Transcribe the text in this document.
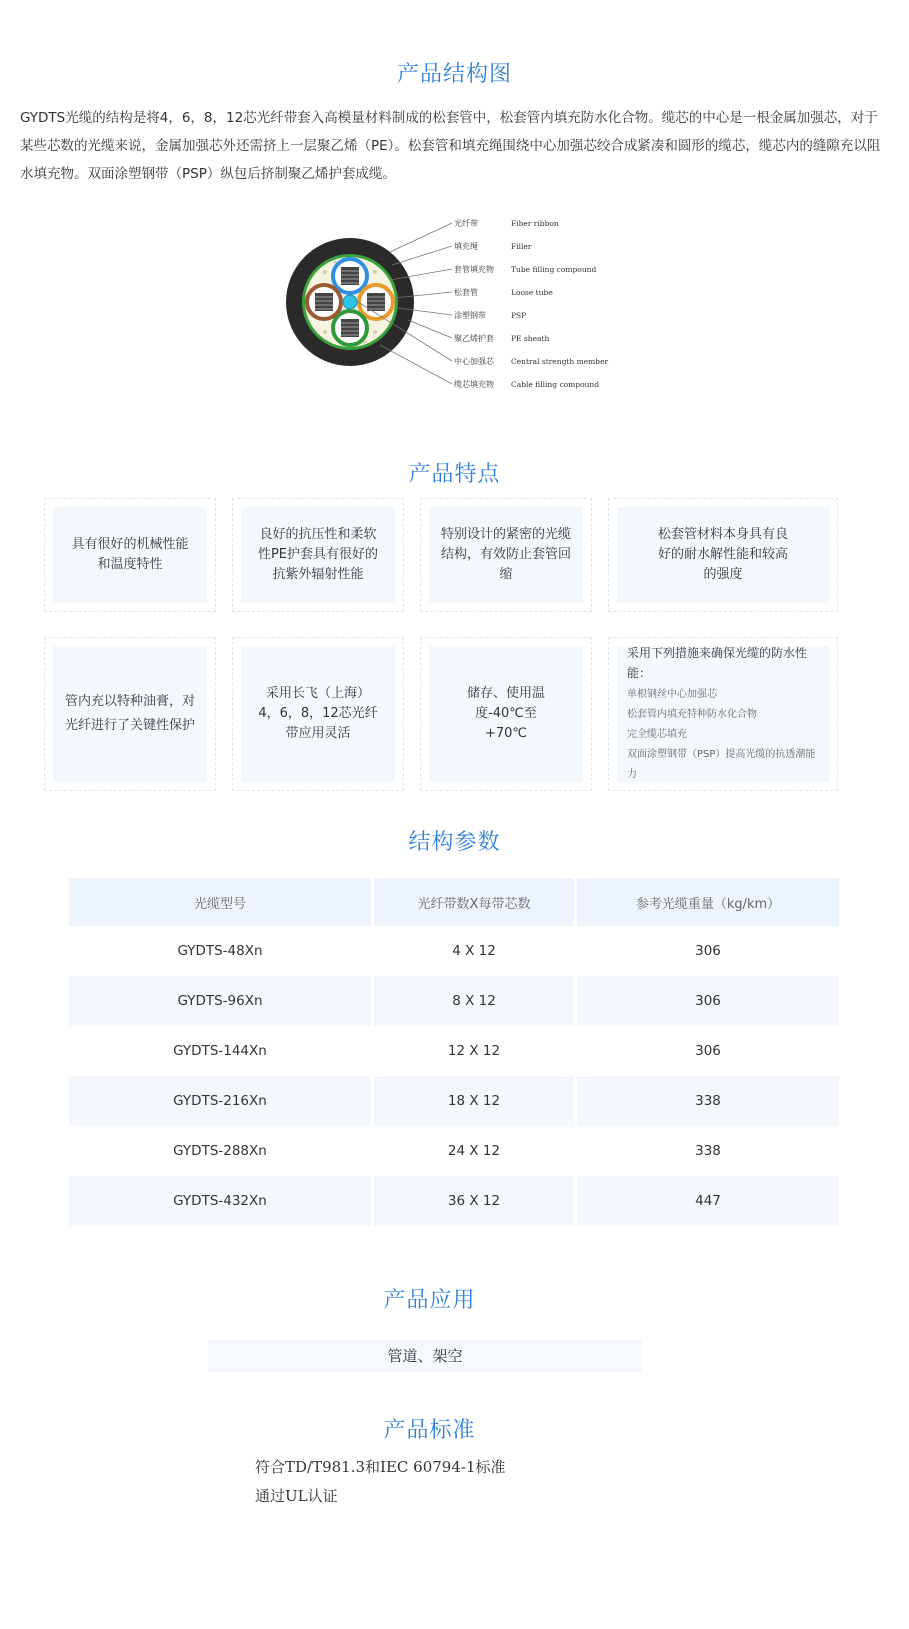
产品结构图

GYDTS光缆的结构是将4，6，8，12芯光纤带套入高模量材料制成的松套管中，松套管内填充防水化合物。缆芯的中心是一根金属加强芯，对于某些芯数的光缆来说，金属加强芯外还需挤上一层聚乙烯（PE）。松套管和填充绳围绕中心加强芯绞合成紧凑和圆形的缆芯，缆芯内的缝隙充以阻水填充物。双面涂塑钢带（PSP）纵包后挤制聚乙烯护套成缆。

光纤带
填充绳
套管填充物
松套管
涂塑钢带
聚乙烯护套
中心加强芯
缆芯填充物
Fiber ribbon
Filler
Tube filling compound
Loose tube
PSP
PE sheath
Central strength member
Cable filling compound
产品特点
具有很好的机械性能和温度特性
良好的抗压性和柔软性PE护套具有很好的抗紫外辐射性能
特别设计的紧密的光缆结构，有效防止套管回缩
松套管材料本身具有良好的耐水解性能和较高的强度
管内充以特种油膏，对光纤进行了关键性保护
采用长飞（上海）4，6，8，12芯光纤带应用灵活
储存、使用温度-40℃至+70℃
采用下列措施来确保光缆的防水性能：
单根钢丝中心加强芯
松套管内填充特种防水化合物
完全缆芯填充
双面涂塑钢带（PSP）提高光缆的抗透潮能力
结构参数
光缆型号	光纤带数X每带芯数	参考光缆重量（kg/km）
GYDTS-48Xn	4 X 12	306
GYDTS-96Xn	8 X 12	306
GYDTS-144Xn	12 X 12	306
GYDTS-216Xn	18 X 12	338
GYDTS-288Xn	24 X 12	338
GYDTS-432Xn	36 X 12	447
产品应用
管道、架空
产品标准
符合TD/T981.3和IEC 60794-1标准
通过UL认证
